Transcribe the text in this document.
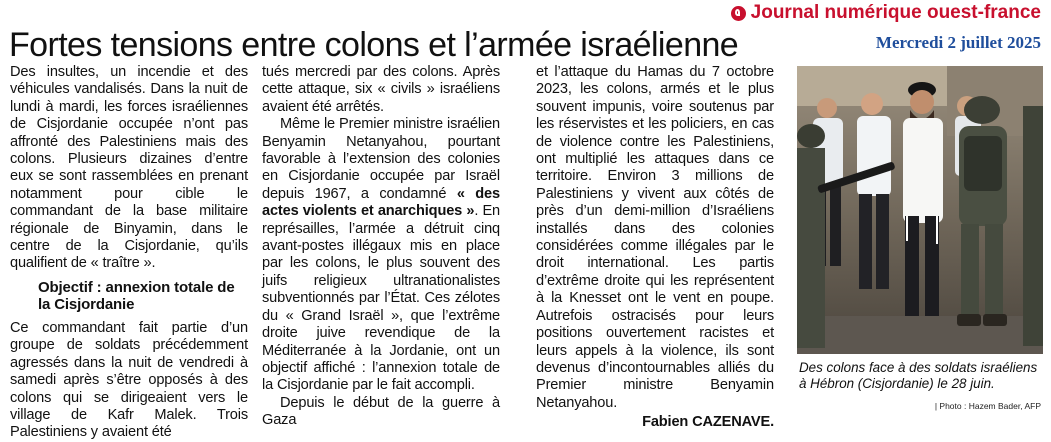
Journal numérique ouest-france
Mercredi 2 juillet 2025
Fortes tensions entre colons et l’armée israélienne

Des insultes, un incendie et des véhicules vandalisés. Dans la nuit de lundi à mardi, les forces israéliennes de Cisjordanie occupée n’ont pas affronté des Palestiniens mais des colons. Plusieurs dizaines d’entre eux se sont rassemblées en prenant notamment pour cible le commandant de la base militaire régionale de Binyamin, dans le centre de la Cisjordanie, qu’ils qualifient de « traître ».

Objectif : annexion totale de la Cisjordanie

Ce commandant fait partie d’un groupe de soldats précédemment agressés dans la nuit de vendredi à samedi après s’être opposés à des colons qui se dirigeaient vers le village de Kafr Malek. Trois Palestiniens y avaient été

tués mercredi par des colons. Après cette attaque, six « civils » israéliens avaient été arrêtés.

Même le Premier ministre israélien Benyamin Netanyahou, pourtant favorable à l’extension des colonies en Cisjordanie occupée par Israël depuis 1967, a condamné « des actes violents et anarchiques ». En représailles, l’armée a détruit cinq avant-postes illégaux mis en place par les colons, le plus souvent des juifs religieux ultranationalistes subventionnés par l’État. Ces zélotes du « Grand Israël », que l’extrême droite juive revendique de la Méditerranée à la Jordanie, ont un objectif affiché : l’annexion totale de la Cisjordanie par le fait accompli.

Depuis le début de la guerre à Gaza

et l’attaque du Hamas du 7 octobre 2023, les colons, armés et le plus souvent impunis, voire soutenus par les réservistes et les policiers, en cas de violence contre les Palestiniens, ont multiplié les attaques dans ce territoire. Environ 3 millions de Palestiniens y vivent aux côtés de près d’un demi-million d’Israéliens installés dans des colonies considérées comme illégales par le droit international. Les partis d’extrême droite qui les représentent à la Knesset ont le vent en poupe. Autrefois ostracisés pour leurs positions ouvertement racistes et leurs appels à la violence, ils sont devenus d’incontournables alliés du Premier ministre Benyamin Netanyahou.

Fabien CAZENAVE.

Des colons face à des soldats israéliens à Hébron (Cisjordanie) le 28 juin.
| Photo : Hazem Bader, AFP
